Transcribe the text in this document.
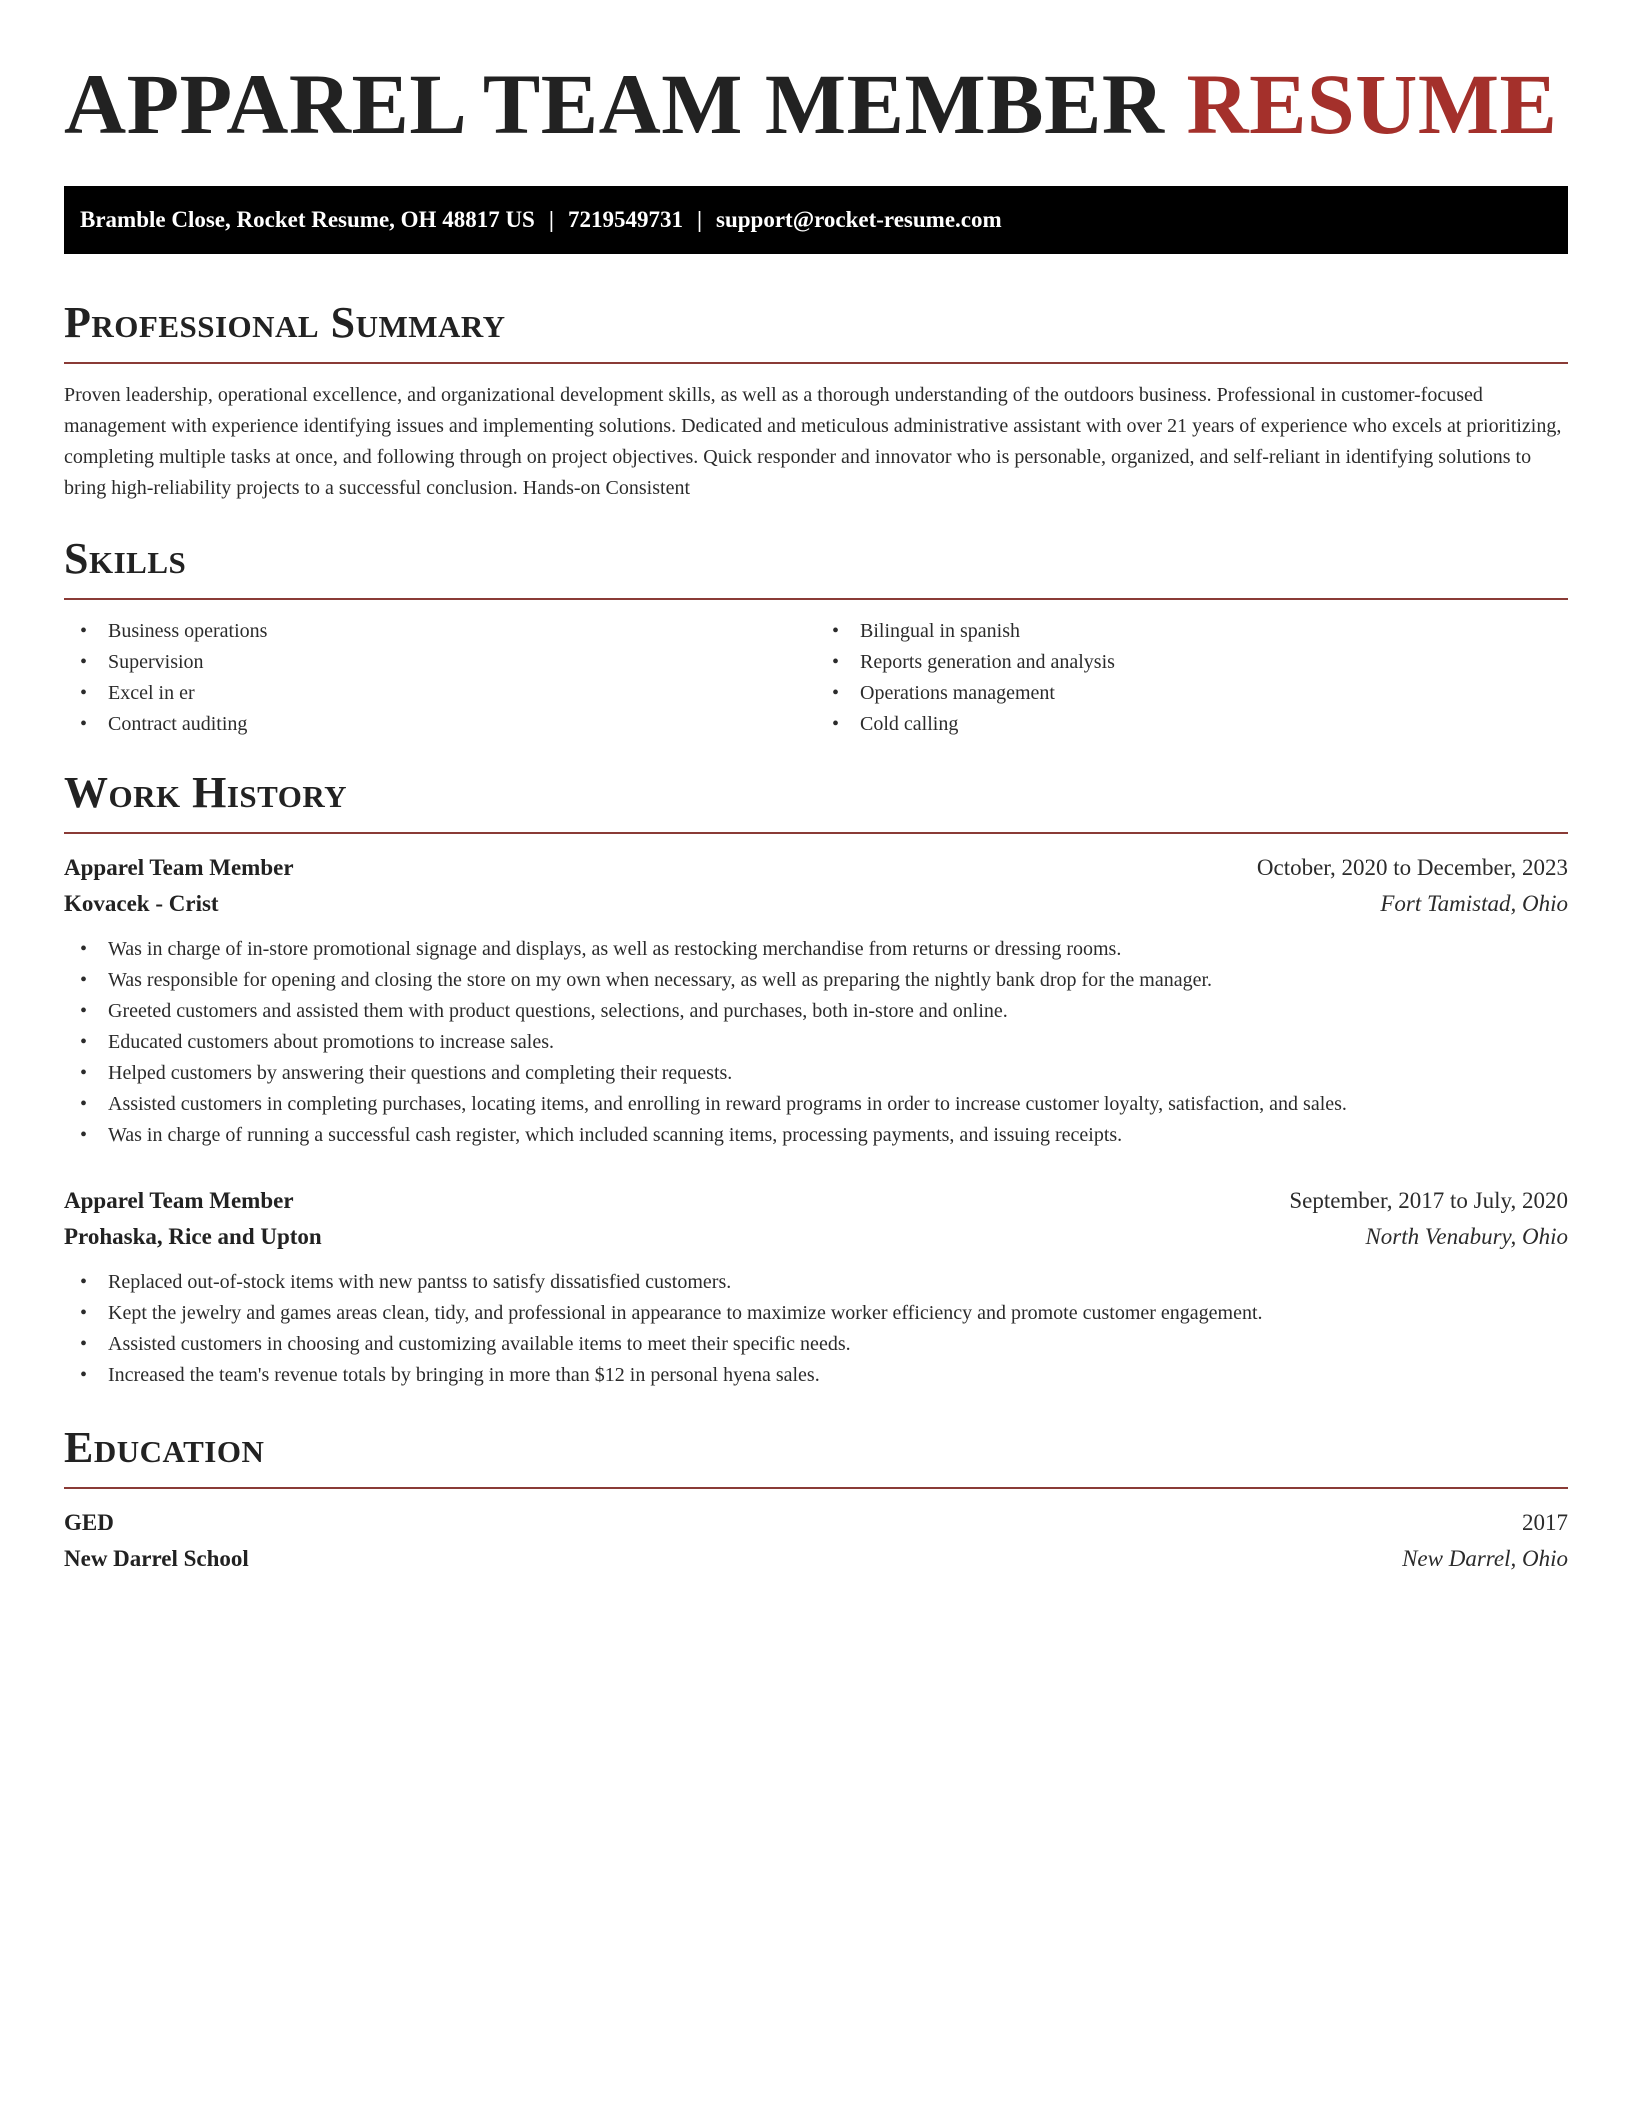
APPAREL TEAM MEMBER RESUME
Bramble Close, Rocket Resume, OH 48817 US | 7219549731 | support@rocket-resume.com
Professional Summary

Proven leadership, operational excellence, and organizational development skills, as well as a thorough understanding of the outdoors business. Professional in customer-focused management with experience identifying issues and implementing solutions. Dedicated and meticulous administrative assistant with over 21 years of experience who excels at prioritizing, completing multiple tasks at once, and following through on project objectives. Quick responder and innovator who is personable, organized, and self-reliant in identifying solutions to bring high-reliability projects to a successful conclusion. Hands-on Consistent

Skills
• Business operations
• Supervision
• Excel in er
• Contract auditing
• Bilingual in spanish
• Reports generation and analysis
• Operations management
• Cold calling
Work History
Apparel Team Member	October, 2020 to December, 2023
Kovacek - Crist	Fort Tamistad, Ohio
• Was in charge of in-store promotional signage and displays, as well as restocking merchandise from returns or dressing rooms.
• Was responsible for opening and closing the store on my own when necessary, as well as preparing the nightly bank drop for the manager.
• Greeted customers and assisted them with product questions, selections, and purchases, both in-store and online.
• Educated customers about promotions to increase sales.
• Helped customers by answering their questions and completing their requests.
• Assisted customers in completing purchases, locating items, and enrolling in reward programs in order to increase customer loyalty, satisfaction, and sales.
• Was in charge of running a successful cash register, which included scanning items, processing payments, and issuing receipts.
Apparel Team Member	September, 2017 to July, 2020
Prohaska, Rice and Upton	North Venabury, Ohio
• Replaced out-of-stock items with new pantss to satisfy dissatisfied customers.
• Kept the jewelry and games areas clean, tidy, and professional in appearance to maximize worker efficiency and promote customer engagement.
• Assisted customers in choosing and customizing available items to meet their specific needs.
• Increased the team's revenue totals by bringing in more than $12 in personal hyena sales.
Education
GED	2017
New Darrel School	New Darrel, Ohio
